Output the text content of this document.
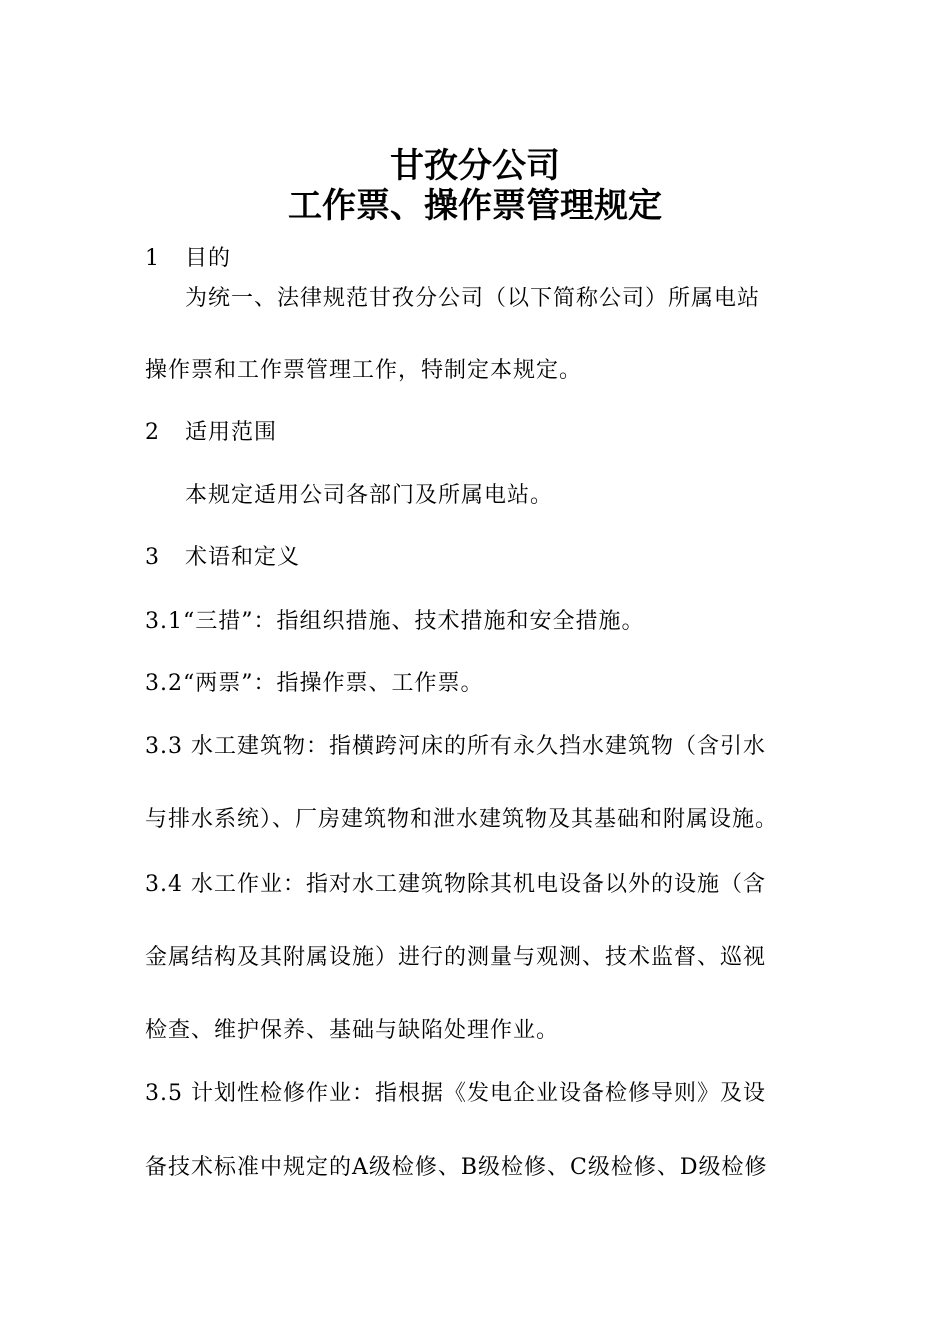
甘孜分公司
工作票、操作票管理规定
1 目的
为统一、法律规范甘孜分公司（以下简称公司）所属电站
操作票和工作票管理工作，特制定本规定。
2 适用范围
本规定适用公司各部门及所属电站。
3 术语和定义
3.1“三措”：指组织措施、技术措施和安全措施。
3.2“两票”：指操作票、工作票。
3.3 水工建筑物：指横跨河床的所有永久挡水建筑物（含引水
与排水系统）、厂房建筑物和泄水建筑物及其基础和附属设施。
3.4 水工作业：指对水工建筑物除其机电设备以外的设施（含
金属结构及其附属设施）进行的测量与观测、技术监督、巡视
检查、维护保养、基础与缺陷处理作业。
3.5 计划性检修作业：指根据《发电企业设备检修导则》及设
备技术标准中规定的A级检修、B级检修、C级检修、D级检修
